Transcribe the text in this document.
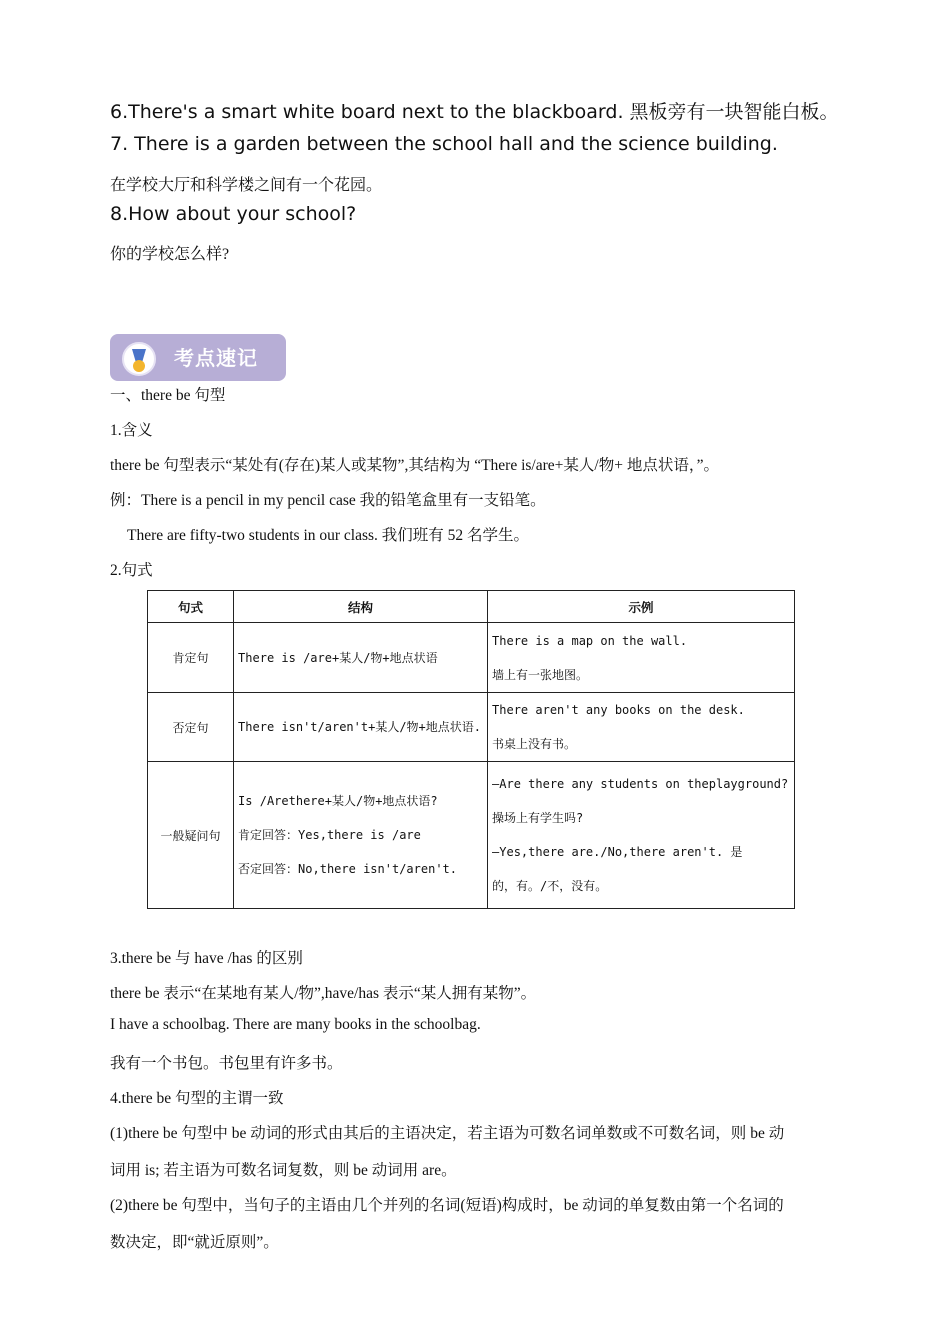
6.There's a smart white board next to the blackboard. 黑板旁有一块智能白板。
7. There is a garden between the school hall and the science building.
在学校大厅和科学楼之间有一个花园。
8.How about your school?
你的学校怎么样?
考点速记
一、there be 句型
1.含义
there be 句型表示“某处有(存在)某人或某物”,其结构为 “There is/are+某人/物+ 地点状语，”。
例：There is a pencil in my pencil case 我的铅笔盒里有一支铅笔。
There are fifty-two students in our class. 我们班有 52 名学生。
2.句式
句式	结构	示例
肯定句	There is /are+某人/物+地点状语	There is a map on the wall.
墙上有一张地图。

否定句	There isn't/aren't+某人/物+地点状语.	There aren't any books on the desk.
书桌上没有书。

一般疑问句	Is /Arethere+某人/物+地点状语?
肯定回答：Yes,there is /are
否定回答：No,there isn't/aren't.	—Are there any students on theplayground?
操场上有学生吗?
—Yes,there are./No,there aren't. 是
的，有。/不，没有。
3.there be 与 have /has 的区别
there be 表示“在某地有某人/物”,have/has 表示“某人拥有某物”。
I have a schoolbag. There are many books in the schoolbag.
我有一个书包。书包里有许多书。
4.there be 句型的主谓一致
(1)there be 句型中 be 动词的形式由其后的主语决定，若主语为可数名词单数或不可数名词，则 be 动
词用 is; 若主语为可数名词复数，则 be 动词用 are。
(2)there be 句型中，当句子的主语由几个并列的名词(短语)构成时，be 动词的单复数由第一个名词的
数决定，即“就近原则”。
